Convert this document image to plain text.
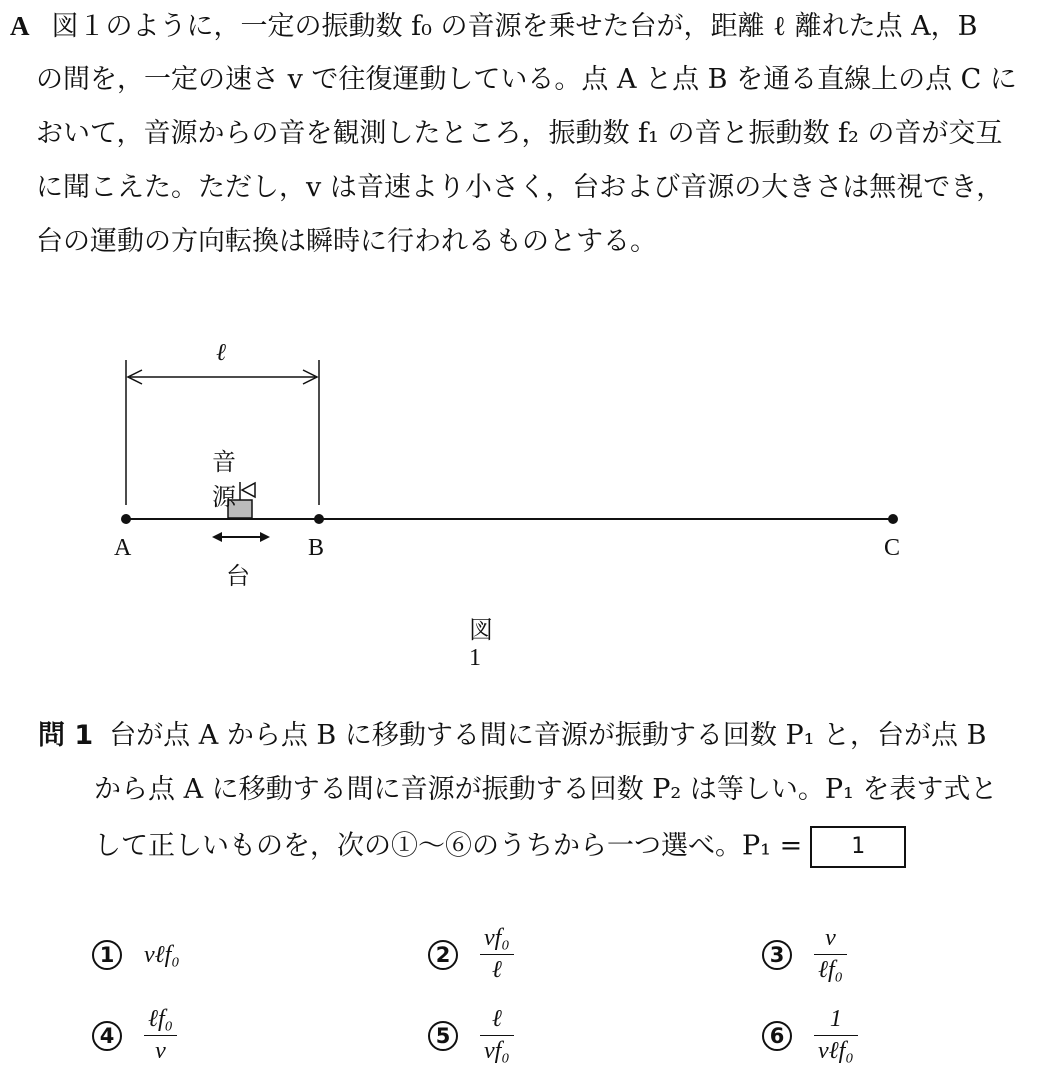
A 図１のように，一定の振動数 f₀ の音源を乗せた台が，距離 ℓ 離れた点 A，B
の間を，一定の速さ v で往復運動している。点 A と点 B を通る直線上の点 C に
おいて，音源からの音を観測したところ，振動数 f₁ の音と振動数 f₂ の音が交互
に聞こえた。ただし，v は音速より小さく，台および音源の大きさは無視でき，
台の運動の方向転換は瞬時に行われるものとする。
ℓ
音源
A	B	C
台
図　1
問 1 台が点 A から点 B に移動する間に音源が振動する回数 P₁ と，台が点 B
から点 A に移動する間に音源が振動する回数 P₂ は等しい。P₁ を表す式と
して正しいものを，次の①～⑥のうちから一つ選べ。P₁ = 1
1	vℓf₀	2	$\frac{\text{vf₀}}{\text{ℓ}}$	3	$\frac{v}{\text{ℓf₀}}$
4	$\frac{\text{ℓf₀}}{v}$	5	$\frac{\text{ℓ}}{\text{vf₀}}$	6	$\frac{1}{\text{vℓf₀}}$
